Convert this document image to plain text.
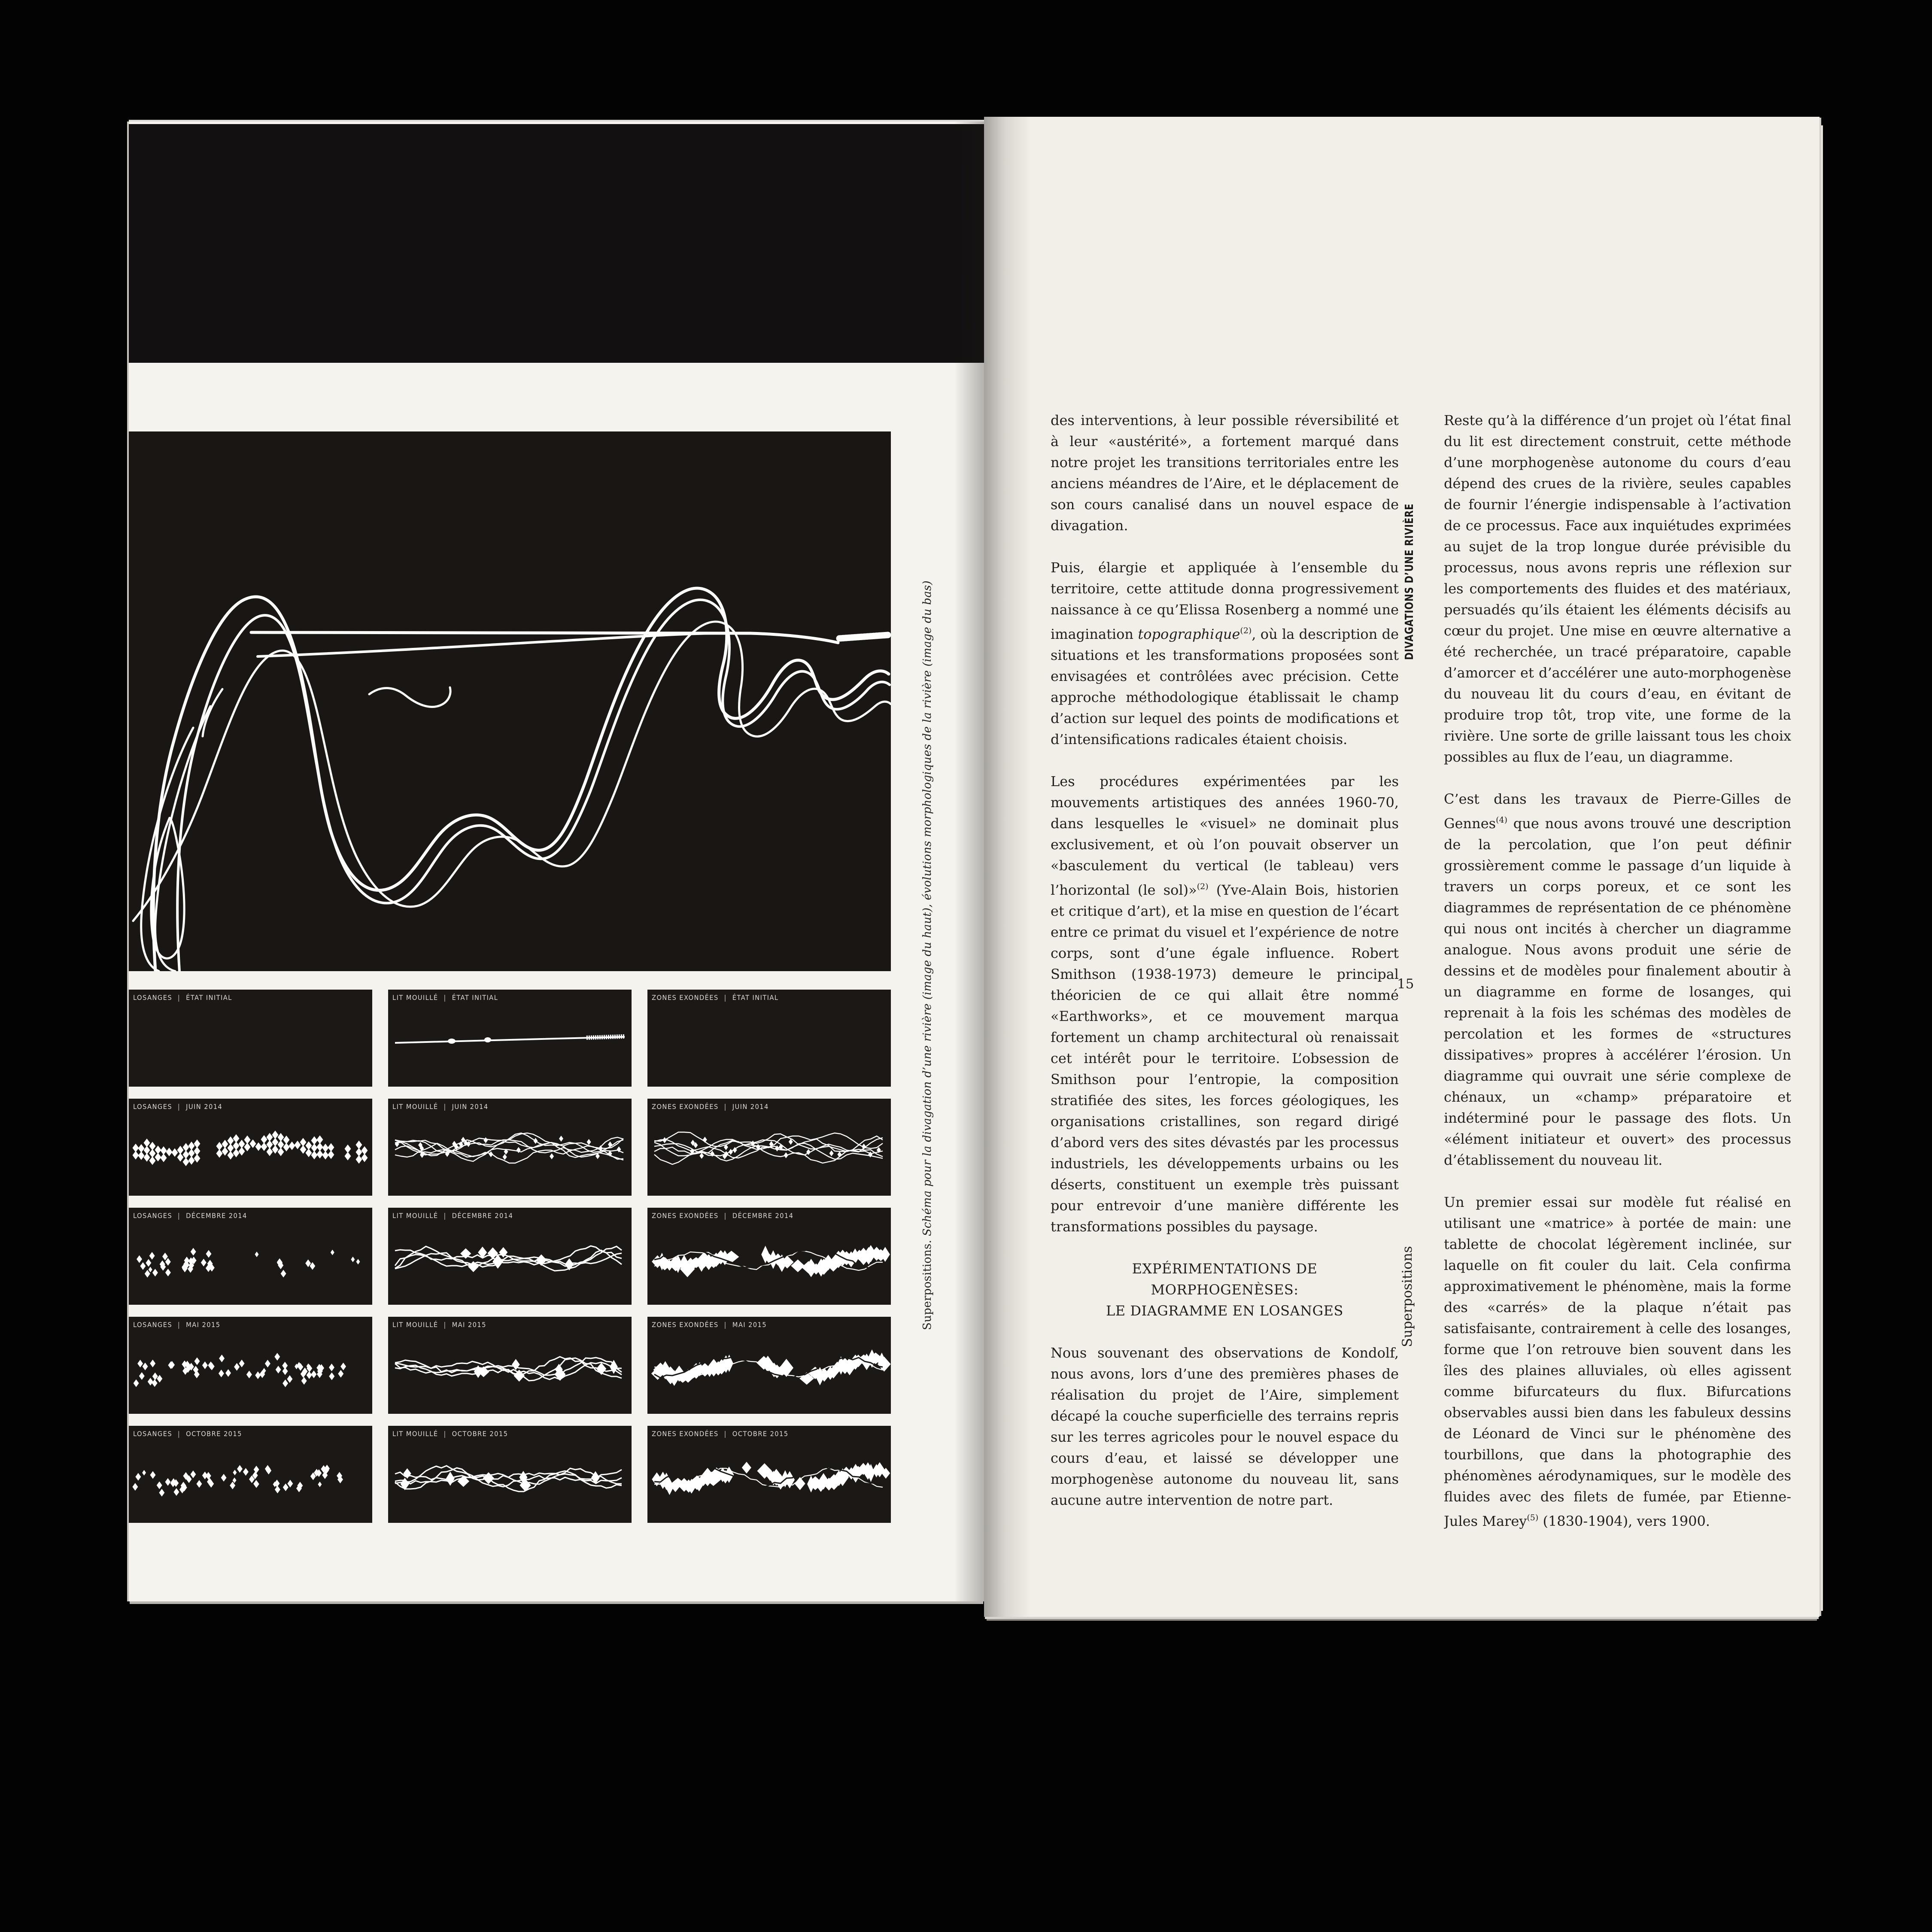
LOSANGES | ÉTAT INITIAL	LIT MOUILLÉ | ÉTAT INITIAL	ZONES EXONDÉES | ÉTAT INITIAL
LOSANGES | JUIN 2014	LIT MOUILLÉ | JUIN 2014	ZONES EXONDÉES | JUIN 2014
LOSANGES | DÉCEMBRE 2014	LIT MOUILLÉ | DÉCEMBRE 2014	ZONES EXONDÉES | DÉCEMBRE 2014
LOSANGES | MAI 2015	LIT MOUILLÉ | MAI 2015	ZONES EXONDÉES | MAI 2015
LOSANGES | OCTOBRE 2015	LIT MOUILLÉ | OCTOBRE 2015	ZONES EXONDÉES | OCTOBRE 2015
Superpositions. Schéma pour la divagation d’une rivière (image du haut), évolutions morphologiques de la rivière (image du bas)

des interventions, à leur possible réversibilité et à leur «austérité», a fortement marqué dans notre projet les transitions territoriales entre les anciens méandres de l’Aire, et le déplacement de son cours canalisé dans un nouvel espace de divagation.

Puis, élargie et appliquée à l’ensemble du territoire, cette attitude donna progressivement naissance à ce qu’Elissa Rosenberg a nommé une imagination topographique$^{(2)}$, où la description de situations et les transformations proposées sont envisagées et contrôlées avec précision. Cette approche méthodologique établissait le champ d’action sur lequel des points de modifications et d’intensifications radicales étaient choisis.

Les procédures expérimentées par les mouvements artistiques des années 1960-70, dans lesquelles le «visuel» ne dominait plus exclusivement, et où l’on pouvait observer un «basculement du vertical (le tableau) vers l’horizontal (le sol)»$^{(2)}$ (Yve-Alain Bois, historien et critique d’art), et la mise en question de l’écart entre ce primat du visuel et l’expérience de notre corps, sont d’une égale influence. Robert Smithson (1938-1973) demeure le principal théoricien de ce qui allait être nommé «Earthworks», et ce mouvement marqua fortement un champ architectural où renaissait cet intérêt pour le territoire. L’obsession de Smithson pour l’entropie, la composition stratifiée des sites, les forces géologiques, les organisations cristallines, son regard dirigé d’abord vers des sites dévastés par les processus industriels, les développements urbains ou les déserts, constituent un exemple très puissant pour entrevoir d’une manière différente les transformations possibles du paysage.

EXPÉRIMENTATIONS DE
MORPHOGENÈSES:
LE DIAGRAMME EN LOSANGES

Nous souvenant des observations de Kondolf, nous avons, lors d’une des premières phases de réalisation du projet de l’Aire, simplement décapé la couche superficielle des terrains repris sur les terres agricoles pour le nouvel espace du cours d’eau, et laissé se développer une morphogenèse autonome du nouveau lit, sans aucune autre intervention de notre part.

Reste qu’à la différence d’un projet où l’état final du lit est directement construit, cette méthode d’une morphogenèse autonome du cours d’eau dépend des crues de la rivière, seules capables de fournir l’énergie indispensable à l’activation de ce processus. Face aux inquiétudes exprimées au sujet de la trop longue durée prévisible du processus, nous avons repris une réflexion sur les comportements des fluides et des matériaux, persuadés qu’ils étaient les éléments décisifs au cœur du projet. Une mise en œuvre alternative a été recherchée, un tracé préparatoire, capable d’amorcer et d’accélérer une auto-morphogenèse du nouveau lit du cours d’eau, en évitant de produire trop tôt, trop vite, une forme de la rivière. Une sorte de grille laissant tous les choix possibles au flux de l’eau, un diagramme.

C’est dans les travaux de Pierre-Gilles de Gennes$^{(4)}$ que nous avons trouvé une description de la percolation, que l’on peut définir grossièrement comme le passage d’un liquide à travers un corps poreux, et ce sont les diagrammes de représentation de ce phénomène qui nous ont incités à chercher un diagramme analogue. Nous avons produit une série de dessins et de modèles pour finalement aboutir à un diagramme en forme de losanges, qui reprenait à la fois les schémas des modèles de percolation et les formes de «structures dissipatives» propres à accélérer l’érosion. Un diagramme qui ouvrait une série complexe de chénaux, un «champ» préparatoire et indéterminé pour le passage des flots. Un «élément initiateur et ouvert» des processus d’établissement du nouveau lit.

Un premier essai sur modèle fut réalisé en utilisant une «matrice» à portée de main: une tablette de chocolat légèrement inclinée, sur laquelle on fit couler du lait. Cela confirma approximativement le phénomène, mais la forme des «carrés» de la plaque n’était pas satisfaisante, contrairement à celle des losanges, forme que l’on retrouve bien souvent dans les îles des plaines alluviales, où elles agissent comme bifurcateurs du flux. Bifurcations observables aussi bien dans les fabuleux dessins de Léonard de Vinci sur le phénomène des tourbillons, que dans la photographie des phénomènes aérodynamiques, sur le modèle des fluides avec des filets de fumée, par Etienne-Jules Marey$^{(5)}$ (1830-1904), vers 1900.

DIVAGATIONS D’UNE RIVIÈRE
15
Superpositions
